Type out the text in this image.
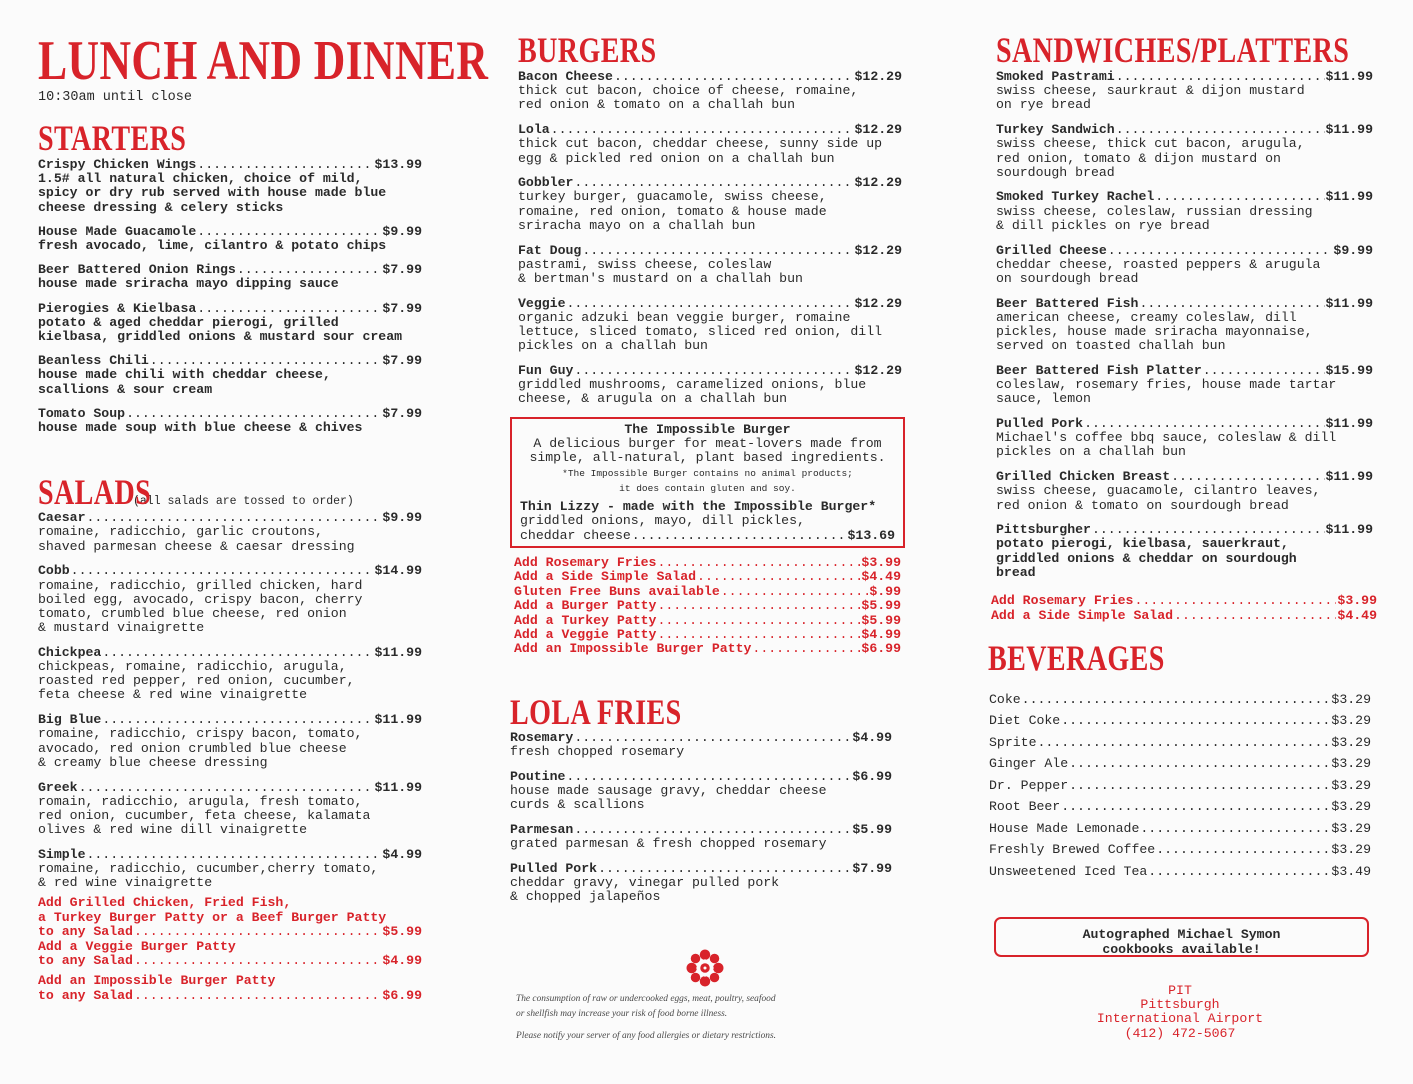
LUNCH AND DINNER
10:30am until close
STARTERS
Crispy Chicken Wings .....	$13.99
1.5# all natural chicken, choice of mild,
spicy or dry rub served with house made blue
cheese dressing & celery sticks
House Made Guacamole .....	$9.99
fresh avocado, lime, cilantro & potato chips
Beer Battered Onion Rings .....	$7.99
house made sriracha mayo dipping sauce
Pierogies & Kielbasa .....	$7.99
potato & aged cheddar pierogi, grilled
kielbasa, griddled onions & mustard sour cream
Beanless Chili .....	$7.99
house made chili with cheddar cheese,
scallions & sour cream
Tomato Soup .....	$7.99
house made soup with blue cheese & chives
SALADS
(all salads are tossed to order)
Caesar .....	$9.99
romaine, radicchio, garlic croutons,
shaved parmesan cheese & caesar dressing
Cobb .....	$14.99
romaine, radicchio, grilled chicken, hard
boiled egg, avocado, crispy bacon, cherry
tomato, crumbled blue cheese, red onion
& mustard vinaigrette
Chickpea .....	$11.99
chickpeas, romaine, radicchio, arugula,
roasted red pepper, red onion, cucumber,
feta cheese & red wine vinaigrette
Big Blue .....	$11.99
romaine, radicchio, crispy bacon, tomato,
avocado, red onion crumbled blue cheese
& creamy blue cheese dressing
Greek .....	$11.99
romain, radicchio, arugula, fresh tomato,
red onion, cucumber, feta cheese, kalamata
olives & red wine dill vinaigrette
Simple .....	$4.99
romaine, radicchio, cucumber,cherry tomato,
& red wine vinaigrette
Add Grilled Chicken, Fried Fish,
a Turkey Burger Patty or a Beef Burger Patty
to any Salad .....	$5.99
Add a Veggie Burger Patty
to any Salad .....	$4.99
Add an Impossible Burger Patty
to any Salad .....	$6.99
BURGERS
Bacon Cheese .....	$12.29
thick cut bacon, choice of cheese, romaine,
red onion & tomato on a challah bun
Lola .....	$12.29
thick cut bacon, cheddar cheese, sunny side up
egg & pickled red onion on a challah bun
Gobbler .....	$12.29
turkey burger, guacamole, swiss cheese,
romaine, red onion, tomato & house made
sriracha mayo on a challah bun
Fat Doug .....	$12.29
pastrami, swiss cheese, coleslaw
& bertman's mustard on a challah bun
Veggie .....	$12.29
organic adzuki bean veggie burger, romaine
lettuce, sliced tomato, sliced red onion, dill
pickles on a challah bun
Fun Guy .....	$12.29
griddled mushrooms, caramelized onions, blue
cheese, & arugula on a challah bun
The Impossible Burger
A delicious burger for meat-lovers made from
simple, all-natural, plant based ingredients.
*The Impossible Burger contains no animal products;
it does contain gluten and soy.
Thin Lizzy - made with the Impossible Burger*
griddled onions, mayo, dill pickles,
cheddar cheese .....	$13.69
Add Rosemary Fries .....	$3.99
Add a Side Simple Salad .....	$4.49
Gluten Free Buns available .....	$.99
Add a Burger Patty .....	$5.99
Add a Turkey Patty .....	$5.99
Add a Veggie Patty .....	$4.99
Add an Impossible Burger Patty .....	$6.99
LOLA FRIES
Rosemary .....	$4.99
fresh chopped rosemary
Poutine .....	$6.99
house made sausage gravy, cheddar cheese
curds & scallions
Parmesan .....	$5.99
grated parmesan & fresh chopped rosemary
Pulled Pork .....	$7.99
cheddar gravy, vinegar pulled pork
& chopped jalapeños
The consumption of raw or undercooked eggs, meat, poultry, seafood
or shellfish may increase your risk of food borne illness.
Please notify your server of any food allergies or dietary restrictions.
SANDWICHES/PLATTERS
Smoked Pastrami .....	$11.99
swiss cheese, saurkraut & dijon mustard
on rye bread
Turkey Sandwich .....	$11.99
swiss cheese, thick cut bacon, arugula,
red onion, tomato & dijon mustard on
sourdough bread
Smoked Turkey Rachel .....	$11.99
swiss cheese, coleslaw, russian dressing
& dill pickles on rye bread
Grilled Cheese .....	$9.99
cheddar cheese, roasted peppers & arugula
on sourdough bread
Beer Battered Fish .....	$11.99
american cheese, creamy coleslaw, dill
pickles, house made sriracha mayonnaise,
served on toasted challah bun
Beer Battered Fish Platter .....	$15.99
coleslaw, rosemary fries, house made tartar
sauce, lemon
Pulled Pork .....	$11.99
Michael's coffee bbq sauce, coleslaw & dill
pickles on a challah bun
Grilled Chicken Breast .....	$11.99
swiss cheese, guacamole, cilantro leaves,
red onion & tomato on sourdough bread
Pittsburgher .....	$11.99
potato pierogi, kielbasa, sauerkraut,
griddled onions & cheddar on sourdough
bread
Add Rosemary Fries .....	$3.99
Add a Side Simple Salad .....	$4.49
BEVERAGES
Coke .....	$3.29
Diet Coke .....	$3.29
Sprite .....	$3.29
Ginger Ale .....	$3.29
Dr. Pepper .....	$3.29
Root Beer .....	$3.29
House Made Lemonade .....	$3.29
Freshly Brewed Coffee .....	$3.29
Unsweetened Iced Tea .....	$3.49
Autographed Michael Symon
cookbooks available!
PIT
Pittsburgh
International Airport
(412) 472-5067
